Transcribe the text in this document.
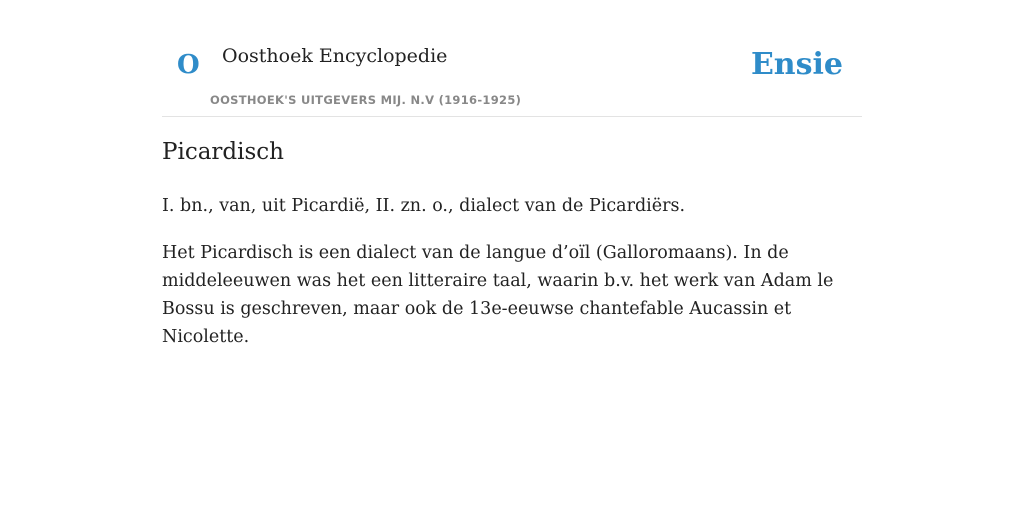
O Oosthoek Encyclopedie
OOSTHOEK'S UITGEVERS MIJ. N.V (1916-1925)
Ensie
Picardisch

I. bn., van, uit Picardië, II. zn. o., dialect van de Picardiërs.

Het Picardisch is een dialect van de langue d’oïl (Galloromaans). In de middeleeuwen was het een litteraire taal, waarin b.v. het werk van Adam le Bossu is geschreven, maar ook de 13e-eeuwse chantefable Aucassin et Nicolette.
